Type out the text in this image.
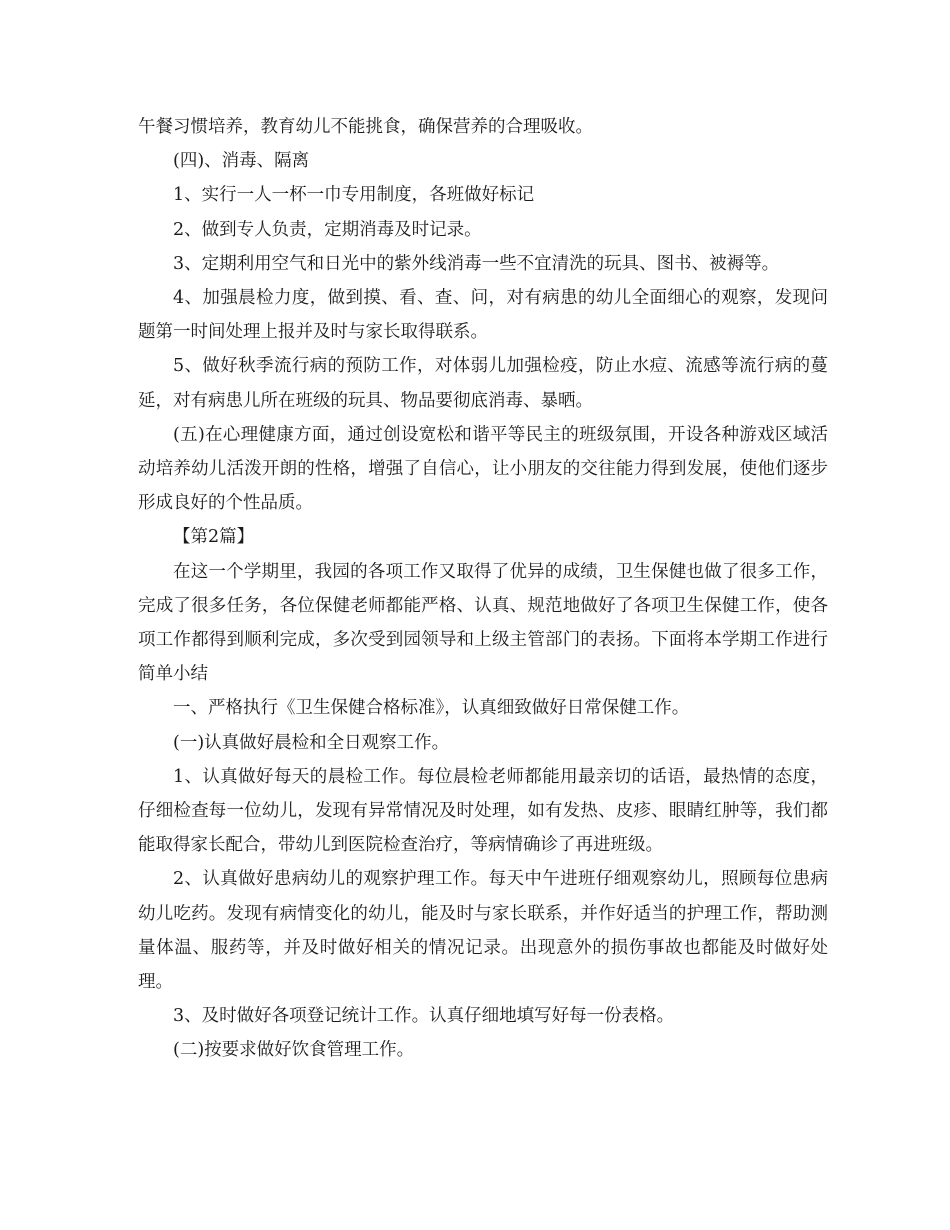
午餐习惯培养，教育幼儿不能挑食，确保营养的合理吸收。

(四)、消毒、隔离

1、实行一人一杯一巾专用制度，各班做好标记

2、做到专人负责，定期消毒及时记录。

3、定期利用空气和日光中的紫外线消毒一些不宜清洗的玩具、图书、被褥等。

4、加强晨检力度，做到摸、看、查、问，对有病患的幼儿全面细心的观察，发现问题第一时间处理上报并及时与家长取得联系。

5、做好秋季流行病的预防工作，对体弱儿加强检疫，防止水痘、流感等流行病的蔓延，对有病患儿所在班级的玩具、物品要彻底消毒、暴晒。

(五)在心理健康方面，通过创设宽松和谐平等民主的班级氛围，开设各种游戏区域活动培养幼儿活泼开朗的性格，增强了自信心，让小朋友的交往能力得到发展，使他们逐步形成良好的个性品质。

【第2篇】

在这一个学期里，我园的各项工作又取得了优异的成绩，卫生保健也做了很多工作，完成了很多任务，各位保健老师都能严格、认真、规范地做好了各项卫生保健工作，使各项工作都得到顺利完成，多次受到园领导和上级主管部门的表扬。下面将本学期工作进行简单小结

一、严格执行《卫生保健合格标准》，认真细致做好日常保健工作。

(一)认真做好晨检和全日观察工作。

1、认真做好每天的晨检工作。每位晨检老师都能用最亲切的话语，最热情的态度，仔细检查每一位幼儿，发现有异常情况及时处理，如有发热、皮疹、眼睛红肿等，我们都能取得家长配合，带幼儿到医院检查治疗，等病情确诊了再进班级。

2、认真做好患病幼儿的观察护理工作。每天中午进班仔细观察幼儿，照顾每位患病幼儿吃药。发现有病情变化的幼儿，能及时与家长联系，并作好适当的护理工作，帮助测量体温、服药等，并及时做好相关的情况记录。出现意外的损伤事故也都能及时做好处理。

3、及时做好各项登记统计工作。认真仔细地填写好每一份表格。

(二)按要求做好饮食管理工作。
